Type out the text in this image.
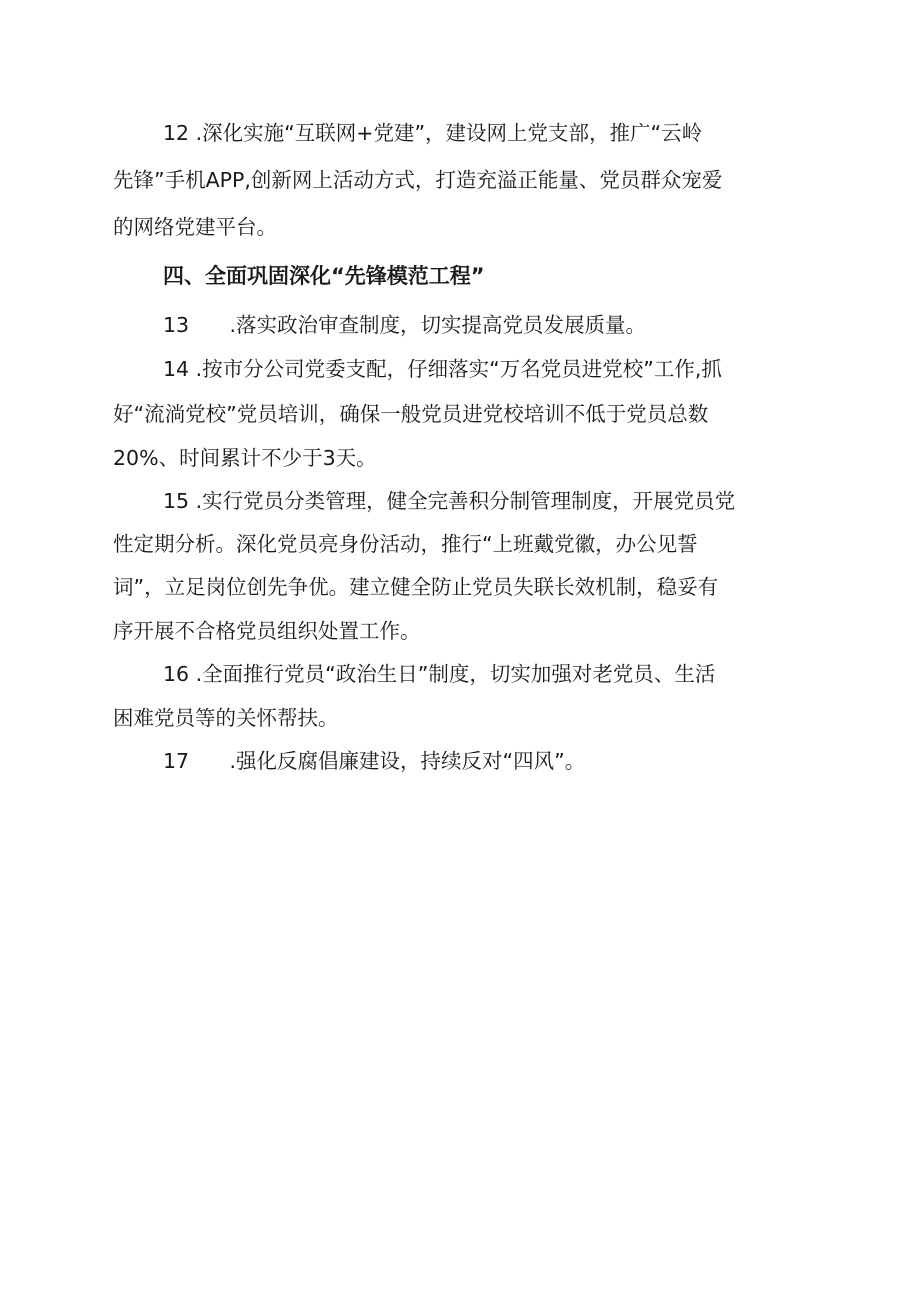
12 .深化实施“互联网+党建”，建设网上党支部，推广“云岭
先锋”手机APP,创新网上活动方式，打造充溢正能量、党员群众宠爱
的网络党建平台。
四、全面巩固深化“先锋模范工程”
13 .落实政治审查制度，切实提高党员发展质量。
14 .按市分公司党委支配，仔细落实“万名党员进党校”工作,抓
好“流淌党校”党员培训，确保一般党员进党校培训不低于党员总数
20%、时间累计不少于3天。
15 .实行党员分类管理，健全完善积分制管理制度，开展党员党
性定期分析。深化党员亮身份活动，推行“上班戴党徽，办公见誓
词”，立足岗位创先争优。建立健全防止党员失联长效机制，稳妥有
序开展不合格党员组织处置工作。
16 .全面推行党员“政治生日”制度，切实加强对老党员、生活
困难党员等的关怀帮扶。
17 .强化反腐倡廉建设，持续反对“四风”。
